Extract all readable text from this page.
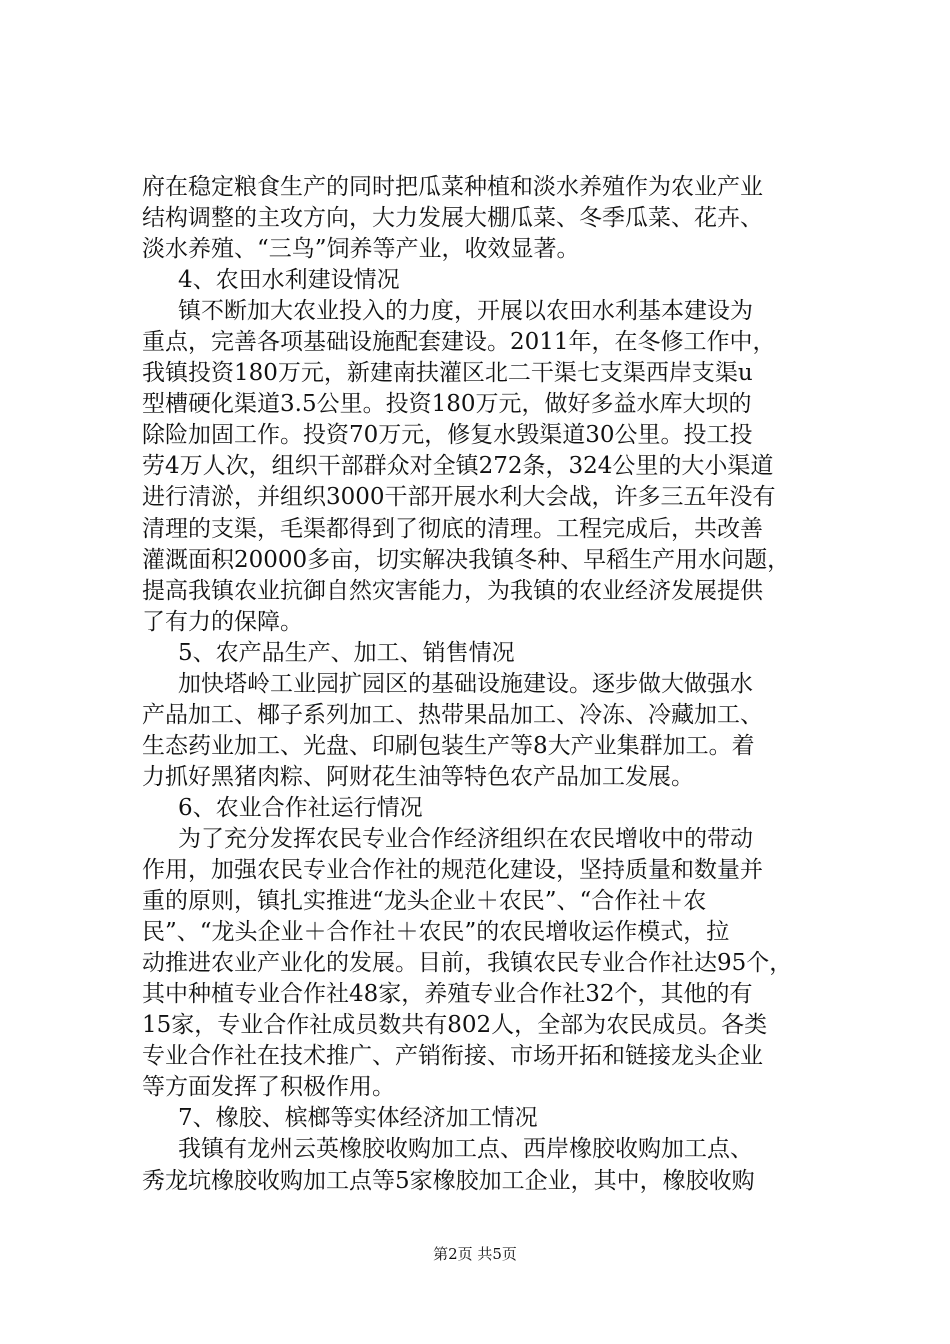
府在稳定粮食生产的同时把瓜菜种植和淡水养殖作为农业产业
结构调整的主攻方向，大力发展大棚瓜菜、冬季瓜菜、花卉、
淡水养殖、“三鸟”饲养等产业，收效显著。
4、农田水利建设情况
镇不断加大农业投入的力度，开展以农田水利基本建设为
重点，完善各项基础设施配套建设。2011年，在冬修工作中，
我镇投资180万元，新建南扶灌区北二干渠七支渠西岸支渠u
型槽硬化渠道3.5公里。投资180万元，做好多益水库大坝的
除险加固工作。投资70万元，修复水毁渠道30公里。投工投
劳4万人次，组织干部群众对全镇272条，324公里的大小渠道
进行清淤，并组织3000干部开展水利大会战，许多三五年没有
清理的支渠，毛渠都得到了彻底的清理。工程完成后，共改善
灌溉面积20000多亩，切实解决我镇冬种、早稻生产用水问题，
提高我镇农业抗御自然灾害能力，为我镇的农业经济发展提供
了有力的保障。
5、农产品生产、加工、销售情况
加快塔岭工业园扩园区的基础设施建设。逐步做大做强水
产品加工、椰子系列加工、热带果品加工、冷冻、冷藏加工、
生态药业加工、光盘、印刷包装生产等8大产业集群加工。着
力抓好黑猪肉粽、阿财花生油等特色农产品加工发展。
6、农业合作社运行情况
为了充分发挥农民专业合作经济组织在农民增收中的带动
作用，加强农民专业合作社的规范化建设，坚持质量和数量并
重的原则，镇扎实推进“龙头企业＋农民”、“合作社＋农
民”、“龙头企业＋合作社＋农民”的农民增收运作模式，拉
动推进农业产业化的发展。目前，我镇农民专业合作社达95个，
其中种植专业合作社48家，养殖专业合作社32个，其他的有
15家，专业合作社成员数共有802人，全部为农民成员。各类
专业合作社在技术推广、产销衔接、市场开拓和链接龙头企业
等方面发挥了积极作用。
7、橡胶、槟榔等实体经济加工情况
我镇有龙州云英橡胶收购加工点、西岸橡胶收购加工点、
秀龙坑橡胶收购加工点等5家橡胶加工企业，其中，橡胶收购
第2页 共5页
